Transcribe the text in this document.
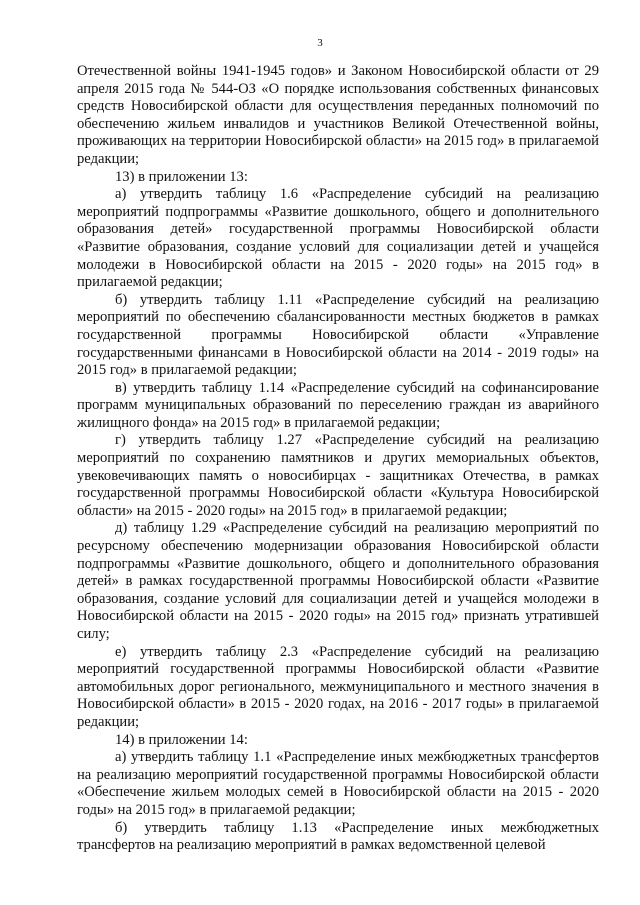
3

Отечественной войны 1941-1945 годов» и Законом Новосибирской области от 29 апреля 2015 года № 544-ОЗ «О порядке использования собственных финансовых средств Новосибирской области для осуществления переданных полномочий по обеспечению жильем инвалидов и участников Великой Отечественной войны, проживающих на территории Новосибирской области» на 2015 год» в прилагаемой редакции;

13) в приложении 13:

а) утвердить таблицу 1.6 «Распределение субсидий на реализацию мероприятий подпрограммы «Развитие дошкольного, общего и дополнительного образования детей» государственной программы Новосибирской области «Развитие образования, создание условий для социализации детей и учащейся молодежи в Новосибирской области на 2015 - 2020 годы» на 2015 год» в прилагаемой редакции;

б) утвердить таблицу 1.11 «Распределение субсидий на реализацию мероприятий по обеспечению сбалансированности местных бюджетов в рамках государственной программы Новосибирской области «Управление государственными финансами в Новосибирской области на 2014 - 2019 годы» на 2015 год» в прилагаемой редакции;

в) утвердить таблицу 1.14 «Распределение субсидий на софинансирование программ муниципальных образований по переселению граждан из аварийного жилищного фонда» на 2015 год» в прилагаемой редакции;

г) утвердить таблицу 1.27 «Распределение субсидий на реализацию мероприятий по сохранению памятников и других мемориальных объектов, увековечивающих память о новосибирцах - защитниках Отечества, в рамках государственной программы Новосибирской области «Культура Новосибирской области» на 2015 - 2020 годы» на 2015 год» в прилагаемой редакции;

д) таблицу 1.29 «Распределение субсидий на реализацию мероприятий по ресурсному обеспечению модернизации образования Новосибирской области подпрограммы «Развитие дошкольного, общего и дополнительного образования детей» в рамках государственной программы Новосибирской области «Развитие образования, создание условий для социализации детей и учащейся молодежи в Новосибирской области на 2015 - 2020 годы» на 2015 год» признать утратившей силу;

е) утвердить таблицу 2.3 «Распределение субсидий на реализацию мероприятий государственной программы Новосибирской области «Развитие автомобильных дорог регионального, межмуниципального и местного значения в Новосибирской области» в 2015 - 2020 годах, на 2016 - 2017 годы» в прилагаемой редакции;

14) в приложении 14:

а) утвердить таблицу 1.1 «Распределение иных межбюджетных трансфертов на реализацию мероприятий государственной программы Новосибирской области «Обеспечение жильем молодых семей в Новосибирской области на 2015 - 2020 годы» на 2015 год» в прилагаемой редакции;

б) утвердить таблицу 1.13 «Распределение иных межбюджетных трансфертов на реализацию мероприятий в рамках ведомственной целевой
